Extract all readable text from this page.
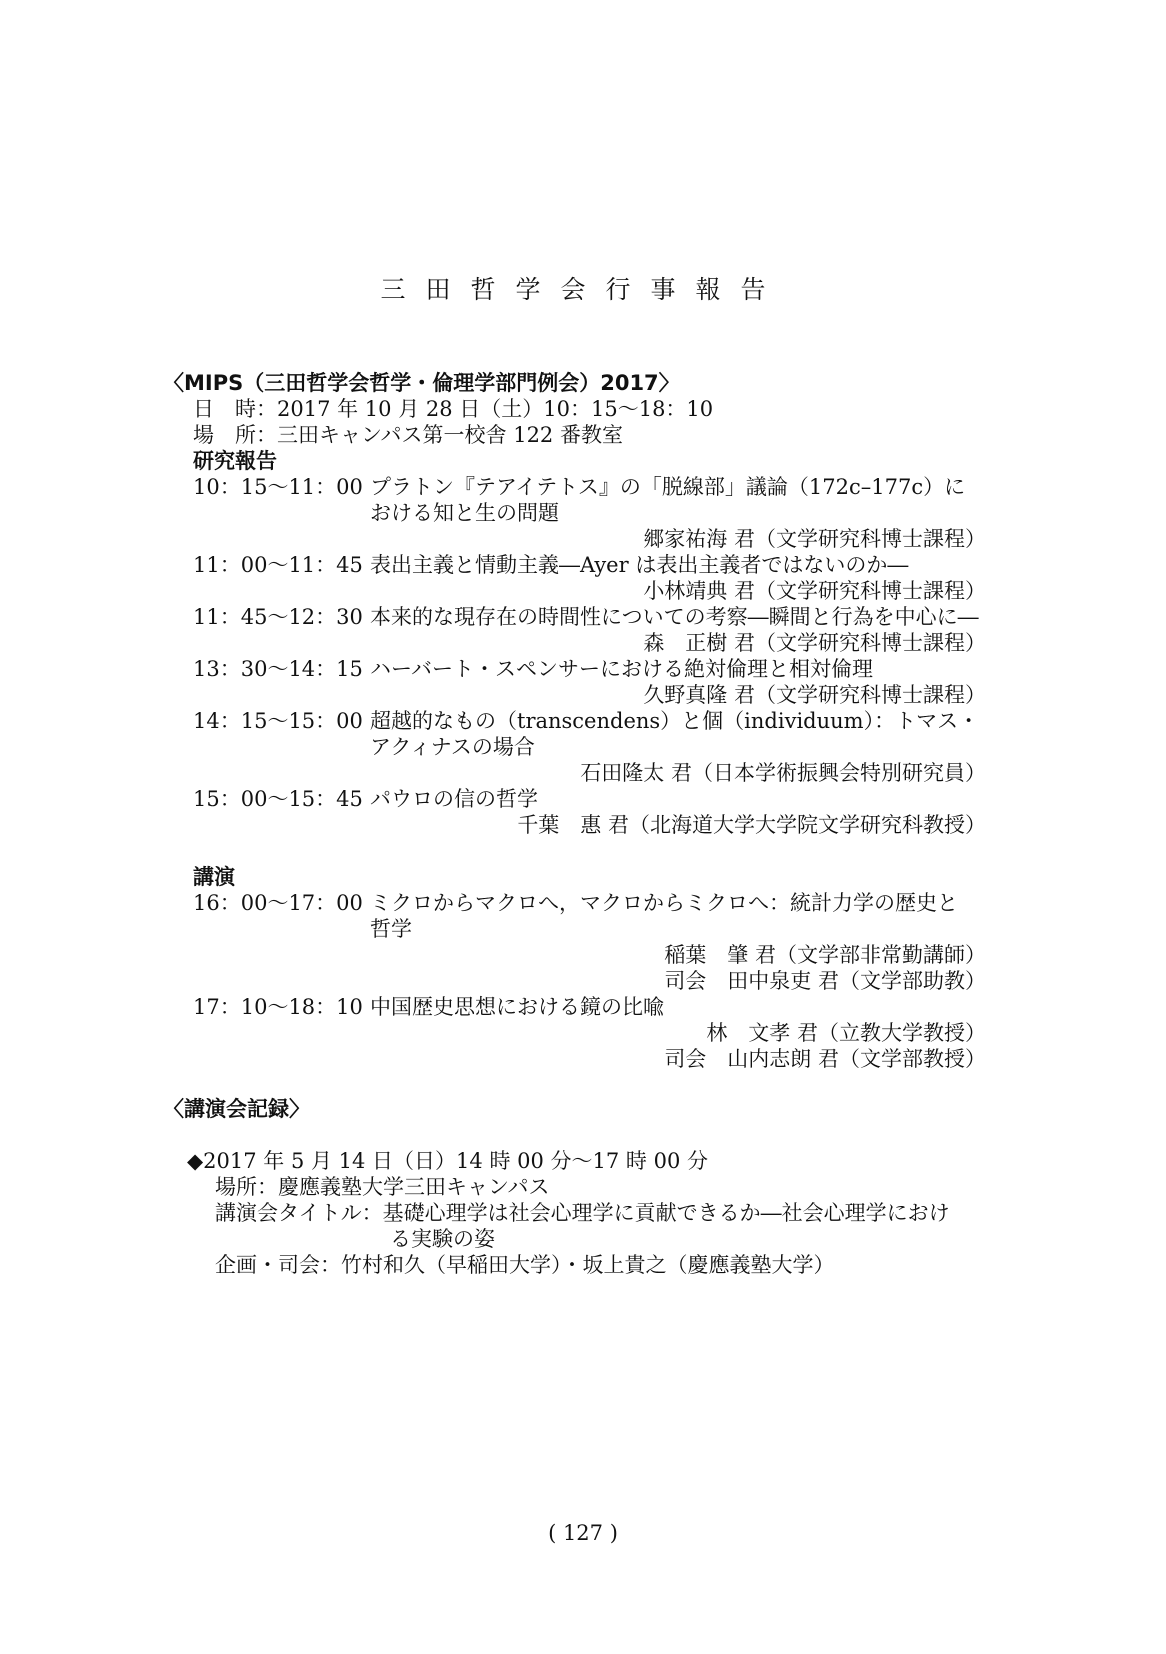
三田哲学会行事報告
〈MIPS（三田哲学会哲学・倫理学部門例会）2017〉
日　時：2017 年 10 月 28 日（土）10：15〜18：10
場　所：三田キャンパス第一校舎 122 番教室
研究報告
10：15〜11：00 プラトン『テアイテトス』の「脱線部」議論（172c–177c）に
おける知と生の問題
郷家祐海 君（文学研究科博士課程）
11：00〜11：45 表出主義と情動主義―Ayer は表出主義者ではないのか―
小林靖典 君（文学研究科博士課程）
11：45〜12：30 本来的な現存在の時間性についての考察―瞬間と行為を中心に―
森　正樹 君（文学研究科博士課程）
13：30〜14：15 ハーバート・スペンサーにおける絶対倫理と相対倫理
久野真隆 君（文学研究科博士課程）
14：15〜15：00 超越的なもの（transcendens）と個（individuum）：トマス・
アクィナスの場合
石田隆太 君（日本学術振興会特別研究員）
15：00〜15：45 パウロの信の哲学
千葉　惠 君（北海道大学大学院文学研究科教授）
講演
16：00〜17：00 ミクロからマクロへ，マクロからミクロへ：統計力学の歴史と
哲学
稲葉　肇 君（文学部非常勤講師）
司会　田中泉吏 君（文学部助教）
17：10〜18：10 中国歴史思想における鏡の比喩
林　文孝 君（立教大学教授）
司会　山内志朗 君（文学部教授）
〈講演会記録〉
◆2017 年 5 月 14 日（日）14 時 00 分〜17 時 00 分
場所：慶應義塾大学三田キャンパス
講演会タイトル：基礎心理学は社会心理学に貢献できるか―社会心理学におけ
る実験の姿
企画・司会：竹村和久（早稲田大学）・坂上貴之（慶應義塾大学）
( 127 )
